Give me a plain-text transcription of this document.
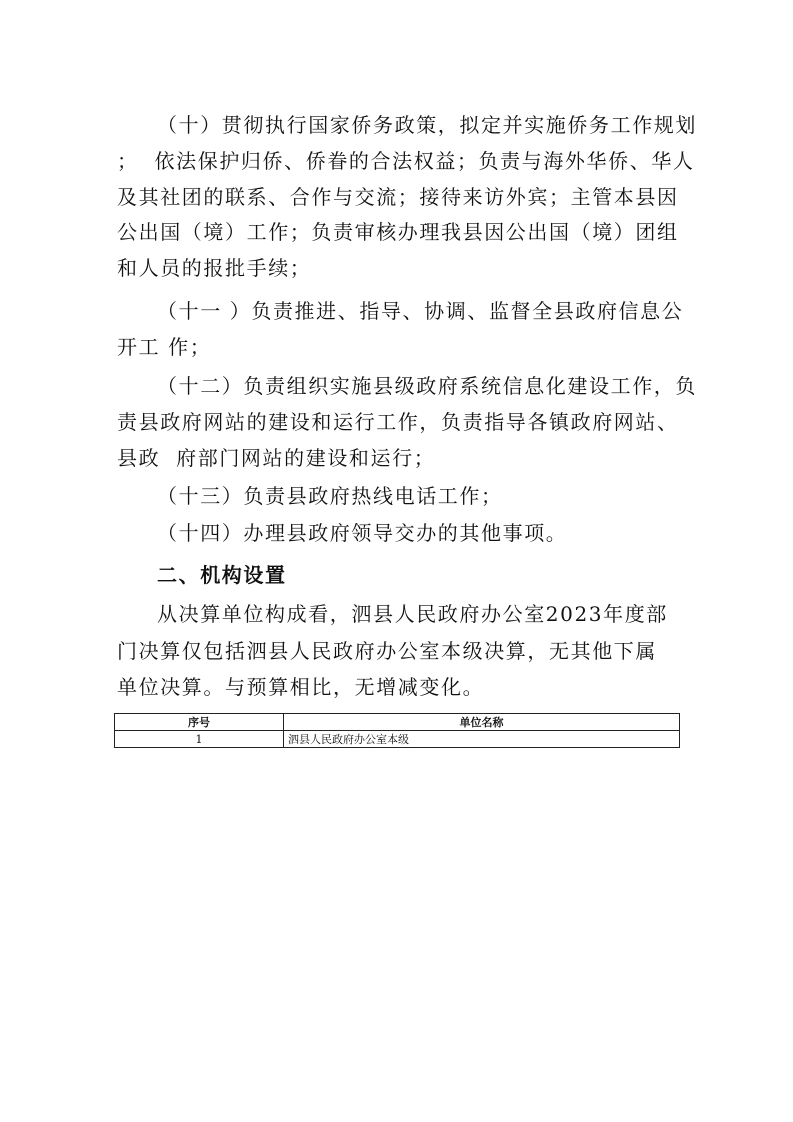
（十）贯彻执行国家侨务政策，拟定并实施侨务工作规划
；  依法保护归侨、侨眷的合法权益；负责与海外华侨、华人
及其社团的联系、合作与交流；接待来访外宾；主管本县因
公出国（境）工作；负责审核办理我县因公出国（境）团组
和人员的报批手续；
（十一 ）负责推进、指导、协调、监督全县政府信息公
开工 作；
（十二）负责组织实施县级政府系统信息化建设工作，负
责县政府网站的建设和运行工作，负责指导各镇政府网站、
县政  府部门网站的建设和运行；
（十三）负责县政府热线电话工作；
（十四）办理县政府领导交办的其他事项。
二、机构设置
从决算单位构成看，泗县人民政府办公室2023年度部
门决算仅包括泗县人民政府办公室本级决算，无其他下属
单位决算。与预算相比，无增减变化。
序号	单位名称
1	泗县人民政府办公室本级
